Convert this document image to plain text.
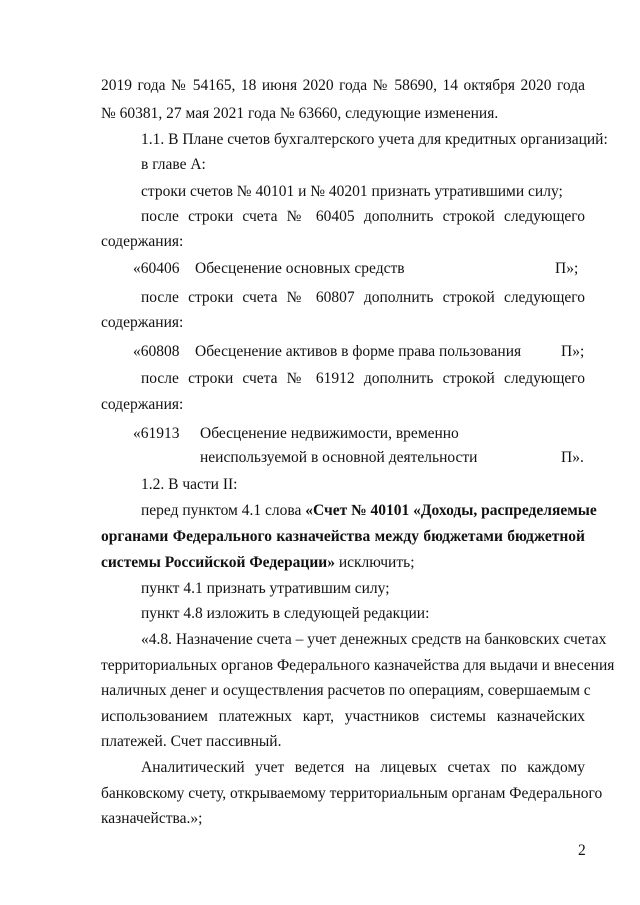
2019 года № 54165, 18 июня 2020 года № 58690, 14 октября 2020 года
№ 60381, 27 мая 2021 года № 63660, следующие изменения.
1.1. В Плане счетов бухгалтерского учета для кредитных организаций:
в главе А:
строки счетов № 40101 и № 40201 признать утратившими силу;
после строки счета № 60405 дополнить строкой следующего
содержания:
«60406 Обесценение основных средств	П»;
после строки счета № 60807 дополнить строкой следующего
содержания:
«60808 Обесценение активов в форме права пользования	П»;
после строки счета № 61912 дополнить строкой следующего
содержания:
«61913 Обесценение недвижимости, временно
неиспользуемой в основной деятельности	П».
1.2. В части II:
перед пунктом 4.1 слова «Счет № 40101 «Доходы, распределяемые
органами Федерального казначейства между бюджетами бюджетной
системы Российской Федерации» исключить;
пункт 4.1 признать утратившим силу;
пункт 4.8 изложить в следующей редакции:
«4.8. Назначение счета – учет денежных средств на банковских счетах
территориальных органов Федерального казначейства для выдачи и внесения
наличных денег и осуществления расчетов по операциям, совершаемым с
использованием платежных карт, участников системы казначейских
платежей. Счет пассивный.
Аналитический учет ведется на лицевых счетах по каждому
банковскому счету, открываемому территориальным органам Федерального
казначейства.»;
2
